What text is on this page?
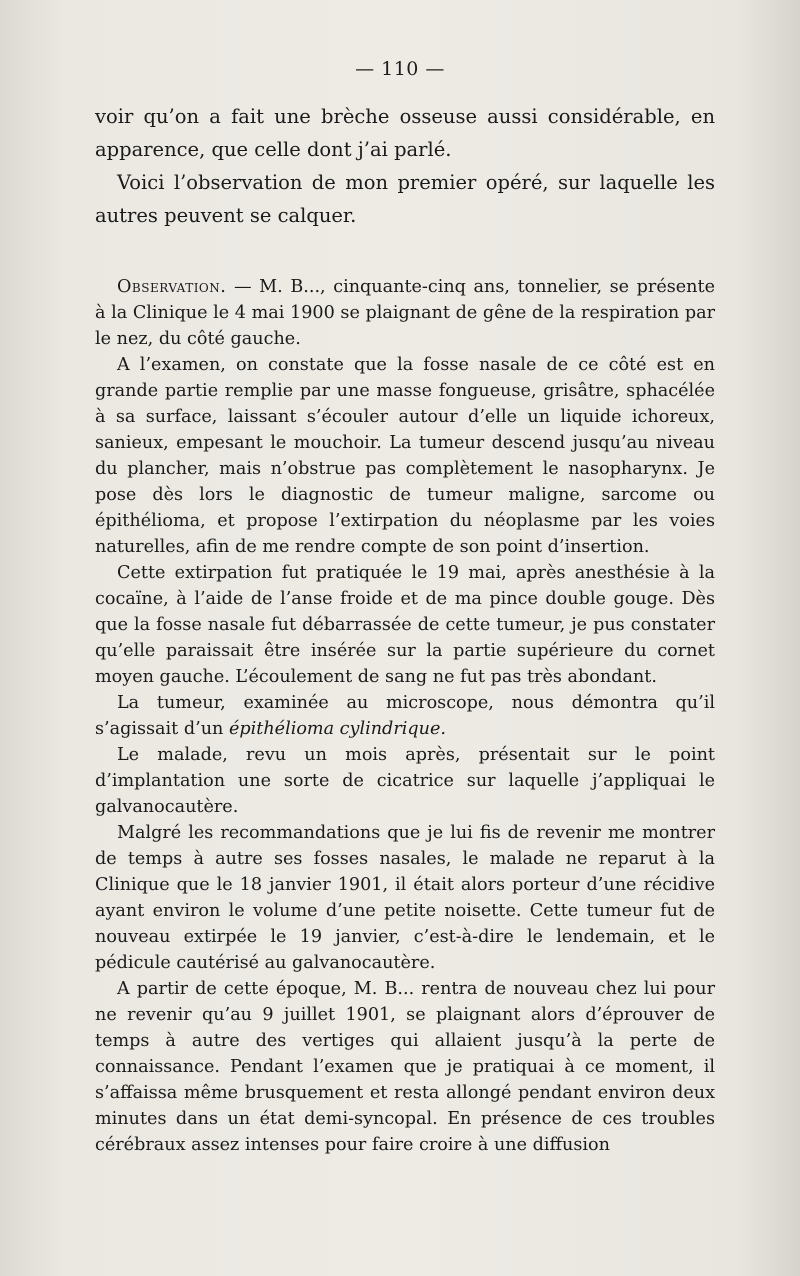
— 110 —

voir qu’on a fait une brèche osseuse aussi considérable, en apparence, que celle dont j’ai parlé.

Voici l’observation de mon premier opéré, sur laquelle les autres peuvent se calquer.

Observation. — M. B..., cinquante-cinq ans, tonnelier, se présente à la Clinique le 4 mai 1900 se plaignant de gêne de la respiration par le nez, du côté gauche.

A l’examen, on constate que la fosse nasale de ce côté est en grande partie remplie par une masse fongueuse, grisâtre, sphacélée à sa surface, laissant s’écouler autour d’elle un liquide ichoreux, sanieux, empesant le mouchoir. La tumeur descend jusqu’au niveau du plancher, mais n’obstrue pas complètement le nasopharynx. Je pose dès lors le diagnostic de tumeur maligne, sarcome ou épithélioma, et propose l’extirpation du néoplasme par les voies naturelles, afin de me rendre compte de son point d’insertion.

Cette extirpation fut pratiquée le 19 mai, après anesthésie à la cocaïne, à l’aide de l’anse froide et de ma pince double gouge. Dès que la fosse nasale fut débarrassée de cette tumeur, je pus constater qu’elle paraissait être insérée sur la partie supérieure du cornet moyen gauche. L’écoulement de sang ne fut pas très abondant.

La tumeur, examinée au microscope, nous démontra qu’il s’agissait d’un épithélioma cylindrique.

Le malade, revu un mois après, présentait sur le point d’implantation une sorte de cicatrice sur laquelle j’appliquai le galvanocautère.

Malgré les recommandations que je lui fis de revenir me montrer de temps à autre ses fosses nasales, le malade ne reparut à la Clinique que le 18 janvier 1901, il était alors porteur d’une récidive ayant environ le volume d’une petite noisette. Cette tumeur fut de nouveau extirpée le 19 janvier, c’est-à-dire le lendemain, et le pédicule cautérisé au galvanocautère.

A partir de cette époque, M. B... rentra de nouveau chez lui pour ne revenir qu’au 9 juillet 1901, se plaignant alors d’éprouver de temps à autre des vertiges qui allaient jusqu’à la perte de connaissance. Pendant l’examen que je pratiquai à ce moment, il s’affaissa même brusquement et resta allongé pendant environ deux minutes dans un état demi-syncopal. En présence de ces troubles cérébraux assez intenses pour faire croire à une diffusion
